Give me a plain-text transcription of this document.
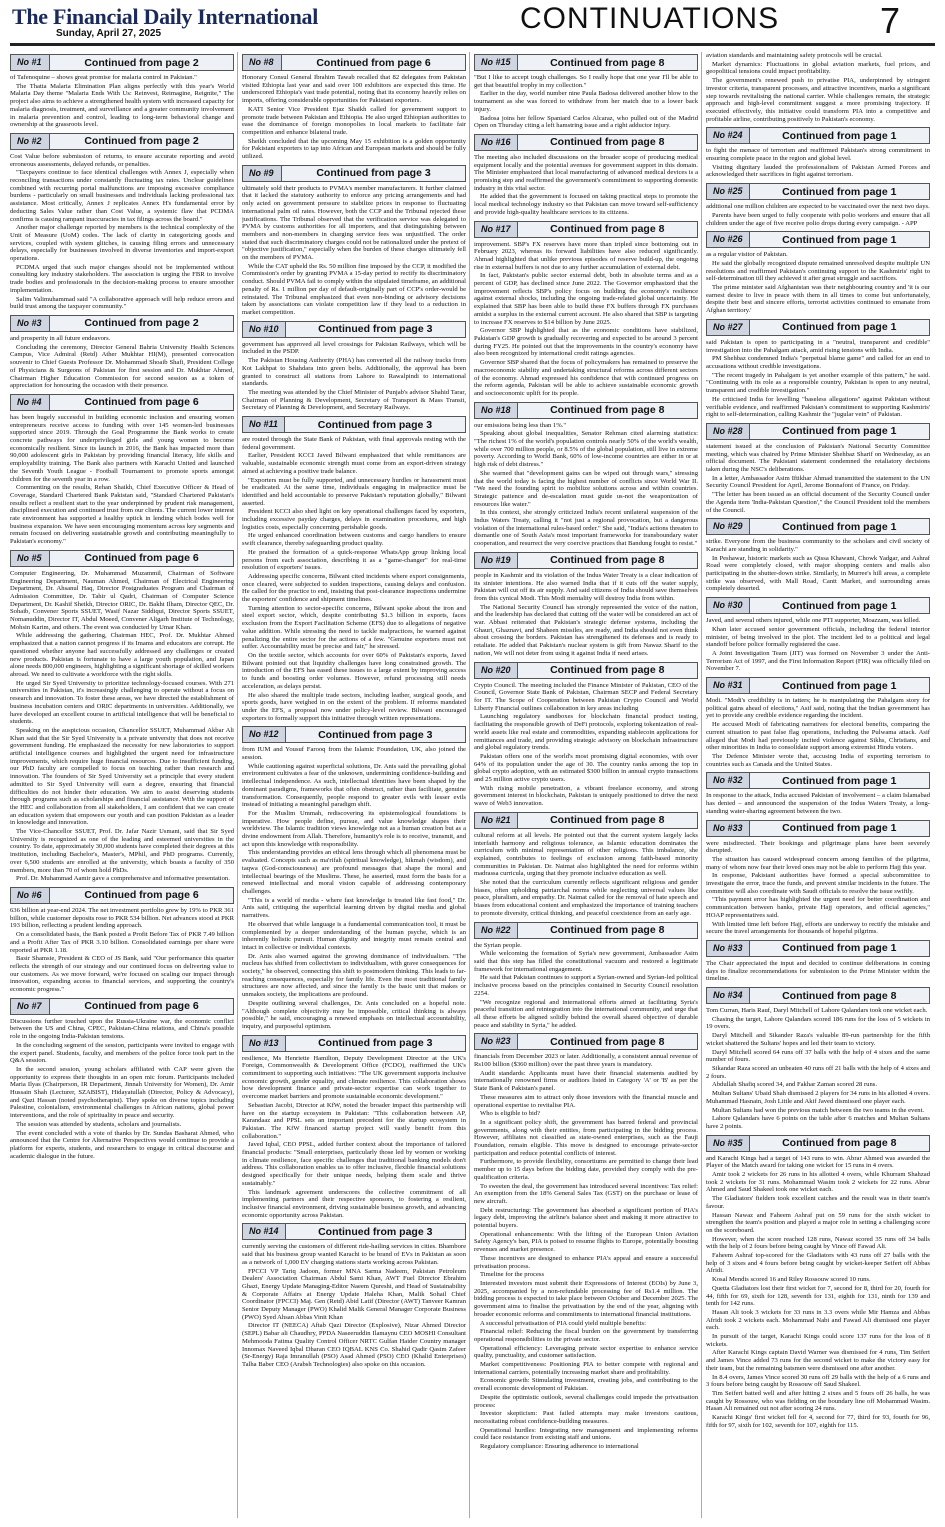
The Financial Daily International
Sunday, April 27, 2025	CONTINUATIONS	7
No #1	Continued from page 2

of Tafenoquine – shows great promise for malaria control in Pakistan."

The Thatta Malaria Elimination Plan aligns perfectly with this year's World Malaria Day theme "Malaria Ends With Us: Reinvest, Reimagine, Reignite," The project also aims to achieve a strengthened health system with increased capacity for malaria diagnosis, treatment, and surveillance and a greater community involvement in malaria prevention and control, leading to long-term behavioral change and ownership at the grassroots level.

No #2	Continued from page 2

Cost Value before submission of returns, to ensure accurate reporting and avoid erroneous assessments, delayed refunds, or penalties.

"Taxpayers continue to face identical challenges with Annex J, especially when reconciling transactions under constantly fluctuating tax rates. Unclear guidelines combined with recurring portal malfunctions are imposing excessive compliance burdens - particularly on small businesses and individuals lacking professional tax assistance. Most critically, Annex J replicates Annex H's fundamental error by deducting Sales Value rather than Cost Value, a systemic flaw that PCDMA confirms is causing rampant inaccuracies in tax filings across the board."

Another major challenge reported by members is the technical complexity of the Unit of Measure (UoM) codes. The lack of clarity in categorizing goods and services, coupled with system glitches, is causing filing errors and unnecessary delays, especially for businesses involved in diverse inventories and import-export operations.

PCDMA urged that such major changes should not be implemented without consulting key industry stakeholders. The association is urging the FBR to involve trade bodies and professionals in the decision-making process to ensure smoother implementation.

Salim Valimuhammad said "A collaborative approach will help reduce errors and build trust among the taxpayer community."

No #3	Continued from page 2

and prosperity in all future endeavors.

Concluding the ceremony, Director General Bahria University Health Sciences Campus, Vice Admiral (Retd) Ather Mukhtar HI(M), presented convocation souvenir to Chief Guests Professor Dr. Mohammad Shoaib Shafi, President College of Physicians & Surgeons of Pakistan for first session and Dr. Mukhtar Ahmed, Chairman Higher Education Commission for second session as a token of appreciation for honouring the occasion with their presence.

No #4	Continued from page 6

has been hugely successful in building economic inclusion and ensuring women entrepreneurs receive access to funding with over 145 women-led businesses supported since 2019. Through the Goal Programme the Bank works to create concrete pathways for underprivileged girls and young women to become economically resilient. Since its launch in 2016, the Bank has impacted more than 90,000 adolescent girls in Pakistan by providing financial literacy, life skills and employability training. The Bank also partners with Karachi United and launched the Seventh Youth League - Football Tournament to promote sports amongst children for the seventh year in a row.

Commenting on the results, Rehan Shaikh, Chief Executive Officer & Head of Coverage, Standard Chartered Bank Pakistan said, "Standard Chartered Pakistan's results reflect a resilient start to the year underpinned by prudent risk management, disciplined execution and continued trust from our clients. The current lower interest rate environment has supported a healthy uptick in lending which bodes well for business expansion. We have seen encouraging momentum across key segments and remain focused on delivering sustainable growth and contributing meaningfully to Pakistan's economy."

No #5	Continued from page 6

Computer Engineering, Dr. Muhammad Muzammil, Chairman of Software Engineering Department, Nauman Ahmed, Chairman of Electrical Engineering Department, Dr. Ahsanul Haq, Director Postgraduates Program and Chairman of Admission Committee, Dr. Tahir ul Qadri, Chairman of Computer Science Department, Dr. Kashif Sheikh, Director ORIC, Dr. Bakht Ilham, Director QEC, Dr. Sohaib, Convener Sports SSUET, Wasif Nazar Siddiqui, Director Sports SSUET, Nomanuddin, Director IT, Abdul Moeed, Convener Aligarh Institute of Technology, Mohsin Karim, and others. The event was conducted by Umar Khan.

While addressing the gathering, Chairman HEC, Prof. Dr. Mukhtar Ahmed emphasized that a nation cannot progress if its Imams and educators are corrupt. He questioned whether anyone had successfully addressed any challenges or created new products. Pakistan is fortunate to have a large youth population, and Japan alone needs 800,000 engineers, highlighting a significant shortage of skilled workers abroad. We need to cultivate a workforce with the right skills.

He urged Sir Syed University to prioritize technology-focused courses. With 271 universities in Pakistan, it's increasingly challenging to operate without a focus on research and innovation. To foster these areas, we have directed the establishment of business incubation centers and ORIC departments in universities. Additionally, we have developed an excellent course in artificial intelligence that will be beneficial to students.

Speaking on the auspicious occasion, Chancellor SSUET, Muhammad Akbar Ali Khan said that the Sir Syed University is a private university that does not receive government funding. He emphasized the necessity for new laboratories to support artificial intelligence courses and highlighted the urgent need for infrastructure improvements, which require huge financial resources. Due to insufficient funding, our PhD faculty are compelled to focus on teaching rather than research and innovation. The founders of Sir Syed University set a principle that every student admitted to Sir Syed University will earn a degree, ensuring that financial difficulties do not hinder their education. We aim to assist deserving students through programs such as scholarships and financial assistance. With the support of the HEC and collaboration from all stakeholders, I am confident that we can create an education system that empowers our youth and can position Pakistan as a leader in knowledge and innovation.

The Vice-Chancellor SSUET, Prof. Dr. Jafar Nazir Usmani, said that Sir Syed University is recognized as one of the leading and esteemed universities in the country. To date, approximately 30,000 students have completed their degrees at this institution, including Bachelor's, Master's, MPhil, and PhD programs. Currently, over 6,500 students are enrolled at the university, which boasts a faculty of 350 members, more than 70 of whom hold PhDs.

Prof. Dr. Muhammad Aamir gave a comprehensive and informative presentation.

No #6	Continued from page 6

636 billion at year-end 2024. The net investment portfolio grew by 19% to PKR 361 billion, while customer deposits rose to PKR 534 billion. Net advances stood at PKR 193 billion, reflecting a prudent lending approach.

On a consolidated basis, the Bank posted a Profit Before Tax of PKR 7.49 billion and a Profit After Tax of PKR 3.10 billion. Consolidated earnings per share were reported at PKR 1.18.

Basir Shamsie, President & CEO of JS Bank, said "Our performance this quarter reflects the strength of our strategy and our continued focus on delivering value to our customers. As we move forward, we're focused on scaling our impact through innovation, expanding access to financial services, and supporting the country's economic progress."

No #7	Continued from page 6

Discussions further touched upon the Russia-Ukraine war, the economic conflict between the US and China, CPEC, Pakistan-China relations, and China's possible role in the ongoing India-Pakistan tensions.

In the concluding segment of the session, participants were invited to engage with the expert panel. Students, faculty, and members of the police force took part in the Q&A session.

In the second session, young scholars affiliated with CAP were given the opportunity to express their thoughts in an open mic forum. Participants included Maria Ilyas (Chairperson, IR Department, Jinnah University for Women), Dr. Amir Hussain Shah (Lecturer, SZABIST), Hidayatullah (Director, Policy & Advocacy), and Qazi Hassan (noted psychotherapist). They spoke on diverse topics including Palestine, colonialism, environmental challenges in African nations, global power interventions, and the role of spirituality in peace and security.

The session was attended by students, scholars and journalists.

The event concluded with a vote of thanks by Dr. Sundas Basharat Ahmed, who announced that the Centre for Alternative Perspectives would continue to provide a platform for experts, students, and researchers to engage in critical discourse and academic dialogue in the future.

No #8	Continued from page 6

Honorary Consul General Ibrahim Tawab recalled that 82 delegates from Pakistan visited Ethiopia last year and said over 100 exhibitors are expected this time. He underscored Ethiopia's vast trade potential, noting that its economy heavily relies on imports, offering considerable opportunities for Pakistani exporters.

KATI Senior Vice President Ejaz Shaikh called for government support to promote trade between Pakistan and Ethiopia. He also urged Ethiopian authorities to ease the dominance of foreign monopolies in local markets to facilitate fair competition and enhance bilateral trade.

Sheikh concluded that the upcoming May 15 exhibition is a golden opportunity for Pakistani exporters to tap into African and European markets and should be fully utilized.

No #9	Continued from page 3

ultimately sold their products to PVMA's member manufacturers. It further claimed that it lacked the statutory authority to enforce any pricing arrangements and had only acted on government pressure to stabilize prices in response to fluctuating international palm oil rates. However, both the CCP and the Tribunal rejected these justifications. The Tribunal observed that the verification service was delegated to PVMA by customs authorities for all importers, and that distinguishing between members and non-members in charging service fees was unjustified. The order stated that such discriminatory charges could not be rationalized under the pretext of "objective justification," especially when the burden of these charges ultimately fell on the members of PVMA.

While the CAT upheld the Rs. 50 million fine imposed by the CCP, it modified the Commission's order by granting PVMA a 15-day period to rectify its discriminatory conduct. Should PVMA fail to comply within the stipulated timeframe, an additional penalty of Rs. 1 million per day of default-originally part of CCP's order-would be reinstated. The Tribunal emphasized that even non-binding or advisory decisions taken by associations can violate competition law if they lead to a reduction in market competition.

No #10	Continued from page 3

government has approved all level crossings for Pakistan Railways, which will be included in the PSDP.

The Pakistan Housing Authority (PHA) has converted all the railway tracks from Kot Lakhpat to Shahdara into green belts. Additionally, the approval has been granted to construct all stations from Lahore to Rawalpindi to international standards.

The meeting was attended by the Chief Minister of Punjab's advisor Shahid Tarar, Chairman of Planning & Development, Secretary of Transport & Mass Transit, Secretary of Planning & Development, and Secretary Railways.

No #11	Continued from page 3

are routed through the State Bank of Pakistan, with final approvals resting with the federal government.

Earlier, President KCCI Javed Bilwani emphasized that while remittances are valuable, sustainable economic strength must come from an export-driven strategy aimed at achieving a positive trade balance.

"Exporters must be fully supported, and unnecessary hurdles or harassment must be eradicated. At the same time, individuals engaging in malpractice must be identified and held accountable to preserve Pakistan's reputation globally," Bilwani asserted.

President KCCI also shed light on key operational challenges faced by exporters, including excessive payday charges, delays in examination procedures, and high logistics costs, especially concerning perishable goods.

He urged enhanced coordination between customs and cargo handlers to ensure swift clearance, thereby safeguarding product quality.

He praised the formation of a quick-response WhatsApp group linking local persons from each association, describing it as a "game-changer" for real-time resolution of exporters' issues.

Addressing specific concerns, Bilwani cited incidents where export consignments, once cleared, were subjected to sudden inspections, causing delays and confusion. He called for the practice to end, insisting that post-clearance inspections undermine the exporters' confidence and shipment timelines.

Turning attention to sector-specific concerns, Bilwani spoke about the iron and steel export sector, which, despite contributing $1.3 billion in exports, faces exclusion from the Export Facilitation Scheme (EFS) due to allegations of negative value addition. While stressing the need to tackle malpractices, he warned against penalizing the entire sector for the actions of a few. "Genuine exporters must not suffer. Accountability must be precise and fair," he stressed.

On the textile sector, which accounts for over 60% of Pakistan's exports, Javed Bilwani pointed out that liquidity challenges have long constrained growth. The introduction of the EFS has eased these issues to a large extent by improving access to funds and boosting order volumes. However, refund processing still needs acceleration, as delays persist.

He also shared the multiple trade sectors, including leather, surgical goods, and sports goods, have weighed in on the extent of the problem. If reforms mandated under the EFS, a proposal now under policy-level review. Bilwani encouraged exporters to formally support this initiative through written representations.

No #12	Continued from page 3

from IUM and Yousuf Farooq from the Islamic Foundation, UK, also joined the session.

While cautioning against superficial solutions, Dr. Anis said the prevailing global environment cultivates a fear of the unknown, undermining confidence-building and intellectual independence. As such, intellectual identities have been shaped by the dominant paradigms, frameworks that often obstruct, rather than facilitate, genuine transformation. Consequently, people respond to greater evils with lesser evils instead of initiating a meaningful paradigm shift.

For the Muslim Ummah, rediscovering its epistemological foundations is imperative. How people define, pursue, and value knowledge shapes their worldview. The Islamic tradition views knowledge not as a human creation but as a divine endowment from Allah. Therefore, humanity's role is to receive, transmit, and act upon this knowledge with responsibility.

This understanding provides an ethical lens through which all phenomena must be evaluated. Concepts such as ma'rifah (spiritual knowledge), hikmah (wisdom), and taqwa (God-consciousness) are profound messages that shape the moral and intellectual bearings of the Muslims. These, he asserted, must form the basis for a renewed intellectual and moral vision capable of addressing contemporary challenges.

"This is a world of media - where fast knowledge is treated like fast food," Dr. Anis said, critiquing the superficial learning driven by digital media and global narratives.

He observed that while language is a fundamental communication tool, it must be complemented by a deeper understanding of the human psyche, which is an inherently holistic pursuit. Human dignity and integrity must remain central and intact in collective or individual contexts.

Dr. Anis also warned against the growing dominance of individualism. "The nucleus has shifted from collectivism to individualism, with grave consequences for society," he observed, connecting this shift to postmodern thinking. This leads to far-reaching consequences, especially for family life. Even the most traditional family structures are now affected, and since the family is the basic unit that makes or unmakes society, the implications are profound.

Despite outlining several challenges, Dr. Anis concluded on a hopeful note. "Although complete objectivity may be impossible, critical thinking is always possible," he said, encouraging a renewed emphasis on intellectual accountability, inquiry, and purposeful optimism.

No #13	Continued from page 3

resilience, Ms Henriette Hamilton, Deputy Development Director at the UK's Foreign, Commonwealth & Development Office (FCDO), reaffirmed the UK's commitment to supporting such initiatives: "The UK government supports inclusive economic growth, gender equality, and climate resilience. This collaboration shows how development finance and private-sector expertise can work together to overcome market barriers and promote sustainable economic development."

Sebastian Jacobi, Director at KfW, noted the broader impact this partnership will have on the startup ecosystem in Pakistan: "This collaboration between AP, Karandaaz and PPSL sets an important precedent for the startup ecosystem in Pakistan. The KfW financed startup project will vastly benefit from this collaboration."

Javed Iqbal, CEO PPSL, added further context about the importance of tailored financial products: "Small enterprises, particularly those led by women or working in climate resilience, face specific challenges that traditional banking models don't address. This collaboration enables us to offer inclusive, flexible financial solutions designed specifically for their unique needs, helping them scale and thrive sustainably."

This landmark agreement underscores the collective commitment of all implementing partners and their respective sponsors, to fostering a resilient, inclusive financial environment, driving sustainable business growth, and advancing economic opportunity across Pakistan.

No #14	Continued from page 3

currently serving the customers of different ride-hailing services in cities. Bhambore said that his business group wanted Karachi to be brand of EVs in Pakistan as soon as a network of 1,000 EV charging stations starts working across Pakistan.

FPCCI VP Tariq Jadoon, former MNA Sarma Nadeem, Pakistan Petroleum Dealers' Association Chairman Abdul Sami Khan, AWT Fuel Director Ebrahim Ghazi, Energy Update Managing-Editor Naeem Qureshi, and Head of Sustainability & Corporate Affairs at Energy Update Haleha Khan, Malik Sohail Chief Coordinator (FPCCI) Maj. Gen (Retd) Abid Latif (Director (AWT) Tanveer Kamran Senior Deputy Manager (PWO) Khalid Malik General Manager Corporate Business (PWO) Syed Ahsan Abbas Vinit Khan

Director IT (NEECA) Aftab Qazi Director (Explosive), Nizar Ahmed Director (SEPL) Babar ali Chaudhry, PPDA Naseeruddin Ilamaynu CEO MOSHI Consultant Mehmooda Fatima Quality Control Officer NRTC Gulfan Haider Country manager Innomax Naveed Iqbal Dharan CEO IQBAL KNS Co. Shahid Qadir Qasim Zafeer (Sr-Energy) Raja Imranullah (PSO) Asad Ahmed (PSO) CEO (Khalid Enterprises) Talha Baber CEO (Arabsh Technologies) also spoke on this occasion.

No #15	Continued from page 8

"But I like to accept tough challenges. So I really hope that one year I'll be able to get that beautiful trophy in my collection."

Earlier in the day, world number nine Paula Badosa delivered another blow to the tournament as she was forced to withdraw from her match due to a lower back injury.

Badosa joins her fellow Spaniard Carlos Alcaraz, who pulled out of the Madrid Open on Thursday citing a left hamstring issue and a right adductor injury.

No #16	Continued from page 8

The meeting also included discussions on the broader scope of producing medical equipment locally and the potential avenues for government support in this domain. The Minister emphasized that local manufacturing of advanced medical devices is a promising step and reaffirmed the government's commitment to supporting domestic industry in this vital sector.

He added that the government is focused on taking practical steps to promote the local medical technology industry so that Pakistan can move toward self-sufficiency and provide high-quality healthcare services to its citizens.

No #17	Continued from page 8

improvement. SBP's FX reserves have more than tripled since bottoming out in February 2023, whereas its forward liabilities have also reduced significantly. Ahmad highlighted that unlike previous episodes of reserve build-up, the ongoing rise in external buffers is not due to any further accumulation of external debt.

In fact, Pakistan's public sector external debt, both in absolute terms and as a percent of GDP, has declined since June 2022. The Governor emphasized that the improvement reflects SBP's policy focus on building the economy's resilience against external shocks, including the ongoing trade-related global uncertainty. He explained that SBP has been able to build these FX buffers through FX purchases amidst a surplus in the external current account. He also shared that SBP is targeting to increase FX reserves to $14 billion by June 2025.

Governor SBP highlighted that as the economic conditions have stabilized, Pakistan's GDP growth is gradually recovering and expected to be around 3 percent during FY25. He pointed out that the improvements in the country's economy have also been recognized by international credit ratings agencies.

Governor SBP shared that the focus of policymakers has remained to preserve the macroeconomic stability and undertaking structural reforms across different sectors of the economy. Ahmad expressed his confidence that with continued progress on the reform agenda, Pakistan will be able to achieve sustainable economic growth and socioeconomic uplift for its people.

No #18	Continued from page 8

our emissions being less than 1%."

Speaking about global inequalities, Senator Rehman cited alarming statistics: "The richest 1% of the world's population controls nearly 50% of the world's wealth, while over 700 million people, or 8.5% of the global population, still live in extreme poverty. According to World Bank, 60% of low-income countries are either in or at high risk of debt distress."

She warned that "development gains can be wiped out through wars," stressing that the world today is facing the highest number of conflicts since World War II. "We need the founding spirit to mobilize solutions across and within countries. Strategic patience and de-escalation must guide us-not the weaponization of resources like water."

In this context, she strongly criticized India's recent unilateral suspension of the Indus Waters Treaty, calling it "not just a regional provocation, but a dangerous violation of the international rules-based order." She said, "India's actions threaten to dismantle one of South Asia's most important frameworks for transboundary water cooperation, and resurrect the very coercive practices that Bandung fought to resist."

No #19	Continued from page 8

people in Kashmir and its violation of the Indus Water Treaty is a clear indication of its sinister intentions. He also warned India that if it cuts off the water supply, Pakistan will cut off its air supply. And said citizens of India should save themselves from this cynical Modi. This Modi mentality will destroy India from within.

The National Security Council has strongly represented the voice of the nation, and the leadership has declared that cutting off the water will be considered an act of war. Abbasi reiterated that Pakistan's strategic defense systems, including the Ghauri, Ghaznavi, and Shaheen missiles, are ready, and India should not even think about crossing the borders. Pakistan has strengthened its defenses and is ready to retaliate. He added that Pakistan's nuclear system is gift from Nawaz Sharif to the nation, We will not deter from using it against India if need arises.

No #20	Continued from page 8

Crypto Council. The meeting included the Finance Minister of Pakistan, CEO of the Council, Governor State Bank of Pakistan, Chairman SECP and Federal Secretary for IT. The Scope of Cooperation between Pakistan Crypto Council and World Liberty Financial outlines collaboration in key areas including

Launching regulatory sandboxes for blockchain financial product testing, facilitating the responsible growth of DeFi protocols, exploring tokenization of real-world assets like real estate and commodities, expanding stablecoin applications for remittances and trade, and providing strategic advisory on blockchain infrastructure and global regulatory trends.

Pakistan offers one of the world's most promising digital economies, with over 64% of its population under the age of 30. The country ranks among the top in global crypto adoption, with an estimated $300 billion in annual crypto transactions and 25 million active crypto users.

With rising mobile penetration, a vibrant freelance economy, and strong government interest in blockchain, Pakistan is uniquely positioned to drive the next wave of Web3 innovation.

No #21	Continued from page 8

cultural reform at all levels. He pointed out that the current system largely lacks interfaith harmony and religious tolerance, as Islamic education dominates the curriculum with minimal representation of other religions. This imbalance, she explained, contributes to feelings of exclusion among faith-based minority communities in Pakistan. Dr. Naimat also highlighted the need for reforms within madrassa curricula, urging that they promote inclusive education as well.

She noted that the curriculum currently reflects significant religious and gender biases, often upholding patriarchal norms while neglecting universal values like peace, pluralism, and empathy. Dr. Naimat called for the removal of hate speech and biases from educational content and emphasized the importance of training teachers to promote diversity, critical thinking, and peaceful coexistence from an early age.

No #22	Continued from page 8

the Syrian people.

While welcoming the formation of Syria's new government, Ambassador Asim said that this step has filled the constitutional vacuum and restored a legitimate framework for international engagement.

He said that Pakistan continues to support a Syrian-owned and Syrian-led political inclusive process based on the principles contained in Security Council resolution 2254.

"We recognize regional and international efforts aimed at facilitating Syria's peaceful transition and reintegration into the international community, and urge that all these efforts be aligned solidly behind the overall shared objective of durable peace and stability in Syria," he added.

No #23	Continued from page 8

financials from December 2023 or later. Additionally, a consistent annual revenue of Rs100 billion ($360 million) over the past three years is mandatory.

Audit standards: Applicants must have their financial statements audited by internationally renowned firms or auditors listed in Category 'A' or 'B' as per the State Bank of Pakistan's panel.

These measures aim to attract only those investors with the financial muscle and operational expertise to revitalise PIA.

Who is eligible to bid?

In a significant policy shift, the government has barred federal and provincial governments, along with their entities, from participating in the bidding process. However, affiliates not classified as state-owned enterprises, such as the Fauji Foundation, remain eligible. This move is designed to encourage private-sector participation and reduce potential conflicts of interest.

Furthermore, to provide flexibility, consortiums are permitted to change their lead member up to 15 days before the bidding date, provided they comply with the pre-qualification criteria.

To sweeten the deal, the government has introduced several incentives: Tax relief: An exemption from the 18% General Sales Tax (GST) on the purchase or lease of new aircraft.

Debt restructuring: The government has absorbed a significant portion of PIA's legacy debt, improving the airline's balance sheet and making it more attractive to potential buyers.

Operational enhancements: With the lifting of the European Union Aviation Safety Agency's ban, PIA is poised to resume flights to Europe, potentially boosting revenues and market presence.

These incentives are designed to enhance PIA's appeal and ensure a successful privatisation process.

Timeline for the process

Interested investors must submit their Expressions of Interest (EOIs) by June 3, 2025, accompanied by a non-refundable processing fee of Rs1.4 million. The bidding process is expected to take place between October and December 2025. The government aims to finalise the privatisation by the end of the year, aligning with broader economic reforms and commitments to international financial institutions.

A successful privatisation of PIA could yield multiple benefits:

Financial relief: Reducing the fiscal burden on the government by transferring operational responsibilities to the private sector.

Operational efficiency: Leveraging private sector expertise to enhance service quality, punctuality, and customer satisfaction.

Market competitiveness: Positioning PIA to better compete with regional and international carriers, potentially increasing market share and profitability.

Economic growth: Stimulating investment, creating jobs, and contributing to the overall economic development of Pakistan.

Despite the optimistic outlook, several challenges could impede the privatisation process:

Investor skepticism: Past failed attempts may make investors cautious, necessitating robust confidence-building measures.

Operational hurdles: Integrating new management and implementing reforms could face resistance from existing staff and unions.

Regulatory compliance: Ensuring adherence to international

aviation standards and maintaining safety protocols will be crucial.

Market dynamics: Fluctuations in global aviation markets, fuel prices, and geopolitical tensions could impact profitability.

The government's renewed push to privatise PIA, underpinned by stringent investor criteria, transparent processes, and attractive incentives, marks a significant step towards revitalising the national carrier. While challenges remain, the strategic approach and high-level commitment suggest a more promising trajectory. If executed effectively, this initiative could transform PIA into a competitive and profitable airline, contributing positively to Pakistan's economy.

No #24	Continued from page 1

to fight the menace of terrorism and reaffirmed Pakistan's strong commitment in ensuring complete peace in the region and global level.

Visiting dignitary lauded the professionalism of Pakistan Armed Forces and acknowledged their sacrifices in fight against terrorism.

No #25	Continued from page 1

additional one million children are expected to be vaccinated over the next two days.

Parents have been urged to fully cooperate with polio workers and ensure that all children under the age of five receive polio drops during every campaign. - APP

No #26	Continued from page 1

as a regular visitor of Pakistan.

He said the globally recognized dispute remained unresolved despite multiple UN resolutions and reaffirmed Pakistan's continuing support to the Kashmiris' right to self-determination till they achieved it after great struggle and sacrifices.

The prime minister said Afghanistan was their neighbouring country and 'it is our earnest desire to live in peace with them in all times to come but unfortunately, despite their best and sincere efforts, terrorist activities continued to emanate from Afghan territory.'

No #27	Continued from page 1

said Pakistan is open to participating in a "neutral, transparent and credible" investigation into the Pahalgam attack, amid rising tensions with India.

PM Shehbaz condemned India's "perpetual blame game" and called for an end to accusations without credible investigations.

"The recent tragedy in Pahalgam is yet another example of this pattern," he said. "Continuing with its role as a responsible country, Pakistan is open to any neutral, transparent and credible investigation."

He criticised India for levelling "baseless allegations" against Pakistan without verifiable evidence, and reaffirmed Pakistan's commitment to supporting Kashmiris' right to self-determination, calling Kashmir the "jugular vein" of Pakistan.

No #28	Continued from page 1

statement issued at the conclusion of Pakistan's National Security Committee meeting, which was chaired by Prime Minister Shehbaz Sharif on Wednesday, as an official document. The Pakistani statement condemned the retaliatory decisions taken during the NSC's deliberations.

In a letter, Ambassador Asim Iftikhar Ahmad transmitted the statement to the UN Security Council President for April, Jerome Bonnafont of France, on Friday.

"The letter has been issued as an official document of the Security Council under the Agenda item 'India-Pakistan Question'," the Council President told the members of the Council.

No #29	Continued from page 1

strike. Everyone from the business community to the scholars and civil society of Karachi are standing in solidarity."

In Peshawar, historic markets such as Qissa Khawani, Chowk Yadgar, and Ashraf Road were completely closed, with major shopping centers and malls also participating in the shutter-down strike. Similarly, in Murree's hill areas, a complete strike was observed, with Mall Road, Cantt Market, and surrounding areas completely deserted.

No #30	Continued from page 1

Javed, and several others injured, while one PTI supporter, Moazzam, was killed.

Khan later accused senior government officials, including the federal interior minister, of being involved in the plot. The incident led to a political and legal standoff before police formally registered the case.

A Joint Investigation Team (JIT) was formed on November 3 under the Anti-Terrorism Act of 1997, and the First Information Report (FIR) was officially filed on November 7.

No #31	Continued from page 1

Modi. "Modi's credibility is in tatters; he is manipulating the Pahalgam story for political gains ahead of elections," Asif said, noting that the Indian government has yet to provide any credible evidence regarding the incident.

He accused Modi of fabricating narratives for electoral benefits, comparing the current situation to past false flag operations, including the Pulwama attack. Asif alleged that Modi had previously incited violence against Sikhs, Christians, and other minorities in India to consolidate support among extremist Hindu voters.

The Defence Minister wrote that, accusing India of exporting terrorism to countries such as Canada and the United States.

No #32	Continued from page 1

In response to the attack, India accused Pakistan of involvement – a claim Islamabad has denied – and announced the suspension of the Indus Waters Treaty, a long-standing water-sharing agreement between the two.

No #33	Continued from page 1

were misdirected. Their bookings and pilgrimage plans have been severely disrupted.

The situation has caused widespread concern among families of the pilgrims, many of whom now fear their loved ones may not be able to perform Hajj this year.

In response, Pakistani authorities have formed a special subcommittee to investigate the error, trace the funds, and prevent similar incidents in the future. The committee will also coordinate with Saudi officials to resolve the issue swiftly.

"This payment error has highlighted the urgent need for better coordination and communication between banks, private Hajj operators, and official agencies," HOAP representatives said.

With limited time left before Hajj, efforts are underway to rectify the mistake and secure the travel arrangements for thousands of hopeful pilgrims.

No #33	Continued from page 1

The Chair appreciated the input and decided to continue deliberations in coming days to finalize recommendations for submission to the Prime Minister within the timeline.

No #34	Continued from page 8

Tom Curran, Haris Rauf, Daryl Mitchell of Lahore Qalandars took one wicket each.

Chasing the target, Lahore Qalandars scored 186 runs for the loss of 5 wickets in 19 overs.

Daryl Mitchell and Sikander Raza's valuable 89-run partnership for the fifth wicket shattered the Sultans' hopes and led their team to victory.

Daryl Mitchell scored 64 runs off 37 balls with the help of 4 sixes and the same number of fours.

Sikandar Raza scored an unbeaten 40 runs off 21 balls with the help of 4 sixes and 2 fours.

Abdullah Shafiq scored 34, and Fakhar Zaman scored 28 runs.

Multan Sultans' Ubaid Shah dismissed 2 players for 34 runs in his allotted 4 overs. Muhammad Hasnain, Josh Little and Akif Javed dismissed one player each.

Multan Sultans had won the previous match between the two teams in the event.

Lahore Qalandars have 6 points on the table after 6 matches and Multan Sultans have 2 points.

No #35	Continued from page 8

and Karachi Kings had a target of 143 runs to win. Abrar Ahmed was awarded the Player of the Match award for taking one wicket for 15 runs in 4 overs.

Amir took 2 wickets for 26 runs in his allotted 4 overs, while Khurram Shahzad took 2 wickets for 31 runs. Mohammad Wasim took 2 wickets for 22 runs. Abrar Ahmed and Saud Shakeel took one wicket each.

The Gladiators' fielders took excellent catches and the result was in their team's favour.

Hassan Nawaz and Faheem Ashraf put on 59 runs for the sixth wicket to strengthen the team's position and played a major role in setting a challenging score on the scoreboard.

However, when the score reached 128 runs, Nawaz scored 35 runs off 34 balls with the help of 2 fours before being caught by Vince off Fawad Ali.

Faheem Ashraf top-scored for the Gladiators with 43 runs off 27 balls with the help of 3 sixes and 4 fours before being caught by wicket-keeper Seifert off Abbas Afridi.

Kosal Mendis scored 16 and Riley Rossouw scored 10 runs.

Quetta Gladiators lost their first wicket for 7, second for 8, third for 20, fourth for 44, fifth for 69, sixth for 128, seventh for 131, eighth for 131, ninth for 139 and tenth for 142 runs.

Hasan Ali took 3 wickets for 33 runs in 3.3 overs while Mir Hamza and Abbas Afridi took 2 wickets each. Mohammad Nabi and Fawad Ali dismissed one player each.

In pursuit of the target, Karachi Kings could score 137 runs for the loss of 8 wickets.

After Karachi Kings captain David Warner was dismissed for 4 runs, Tim Seifert and James Vince added 73 runs for the second wicket to make the victory easy for their team, but the remaining batsmen were dismissed one after another.

In 8.4 overs, James Vince scored 30 runs off 29 balls with the help of a 6 runs and 3 fours before being caught by Rossouw off Saud Shakeel.

Tim Seifert batted well and after hitting 2 sixes and 5 fours off 26 balls, he was caught by Rossouw, who was fielding on the boundary line off Mohammad Wasim. Hasan Ali remained out not after scoring 24 runs.

Karachi Kings' first wicket fell for 4, second for 77, third for 93, fourth for 96, fifth for 97, sixth for 102, seventh for 107, eighth for 115.
